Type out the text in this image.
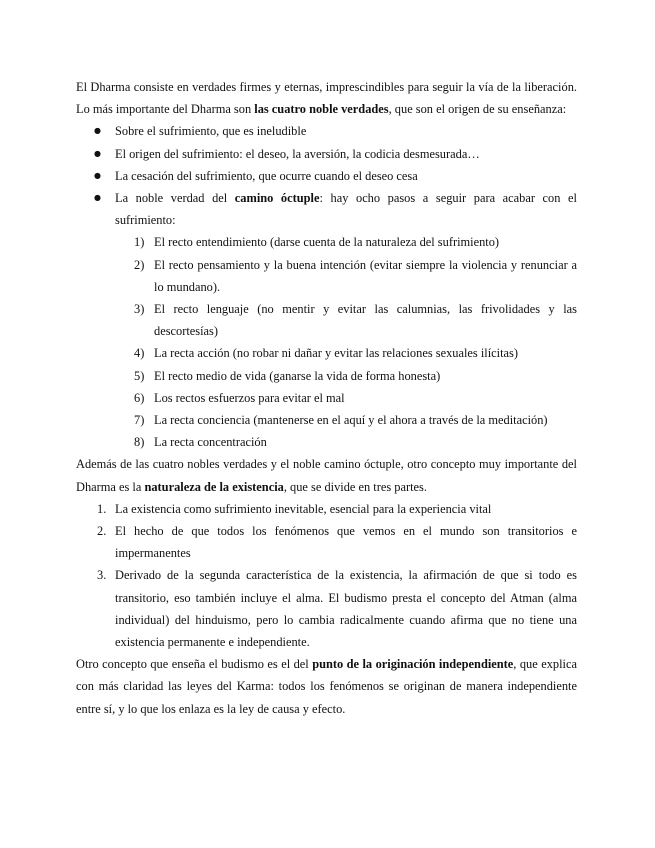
El Dharma consiste en verdades firmes y eternas, imprescindibles para seguir la vía de la liberación. Lo más importante del Dharma son las cuatro noble verdades, que son el origen de su enseñanza:

● Sobre el sufrimiento, que es ineludible
● El origen del sufrimiento: el deseo, la aversión, la codicia desmesurada…
● La cesación del sufrimiento, que ocurre cuando el deseo cesa
● La noble verdad del camino óctuple: hay ocho pasos a seguir para acabar con el sufrimiento:
1) El recto entendimiento (darse cuenta de la naturaleza del sufrimiento)
2) El recto pensamiento y la buena intención (evitar siempre la violencia y renunciar a lo mundano).
3) El recto lenguaje (no mentir y evitar las calumnias, las frivolidades y las descortesías)
4) La recta acción (no robar ni dañar y evitar las relaciones sexuales ilícitas)
5) El recto medio de vida (ganarse la vida de forma honesta)
6) Los rectos esfuerzos para evitar el mal
7) La recta conciencia (mantenerse en el aquí y el ahora a través de la meditación)
8) La recta concentración

Además de las cuatro nobles verdades y el noble camino óctuple, otro concepto muy importante del Dharma es la naturaleza de la existencia, que se divide en tres partes.

1. La existencia como sufrimiento inevitable, esencial para la experiencia vital
2. El hecho de que todos los fenómenos que vemos en el mundo son transitorios e impermanentes
3. Derivado de la segunda característica de la existencia, la afirmación de que si todo es transitorio, eso también incluye el alma. El budismo presta el concepto del Atman (alma individual) del hinduismo, pero lo cambia radicalmente cuando afirma que no tiene una existencia permanente e independiente.

Otro concepto que enseña el budismo es el del punto de la originación independiente, que explica con más claridad las leyes del Karma: todos los fenómenos se originan de manera independiente entre sí, y lo que los enlaza es la ley de causa y efecto.
